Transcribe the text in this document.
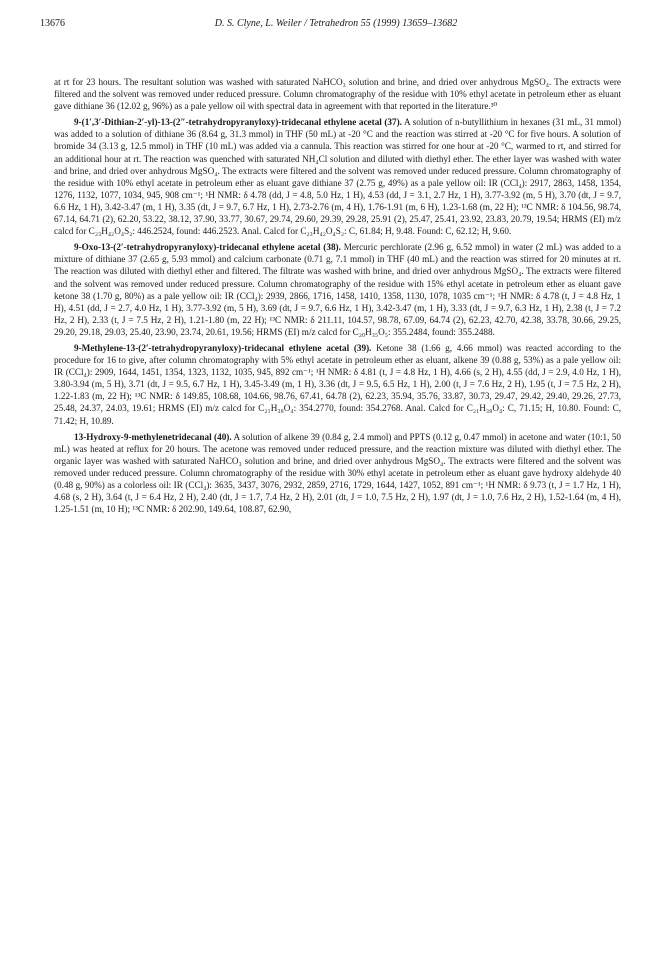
13676	D. S. Clyne, L. Weiler / Tetrahedron 55 (1999) 13659–13682

at rt for 23 hours. The resultant solution was washed with saturated NaHCO₃ solution and brine, and dried over anhydrous MgSO₄. The extracts were filtered and the solvent was removed under reduced pressure. Column chromatography of the residue with 10% ethyl acetate in petroleum ether as eluant gave dithiane 36 (12.02 g, 96%) as a pale yellow oil with spectral data in agreement with that reported in the literature.³⁰

9-(1′,3′-Dithian-2′-yl)-13-(2″-tetrahydropyranyloxy)-tridecanal ethylene acetal (37). A solution of n-butyllithium in hexanes (31 mL, 31 mmol) was added to a solution of dithiane 36 (8.64 g, 31.3 mmol) in THF (50 mL) at -20 °C and the reaction was stirred at -20 °C for five hours. A solution of bromide 34 (3.13 g, 12.5 mmol) in THF (10 mL) was added via a cannula. This reaction was stirred for one hour at -20 °C, warmed to rt, and stirred for an additional hour at rt. The reaction was quenched with saturated NH₄Cl solution and diluted with diethyl ether. The ether layer was washed with water and brine, and dried over anhydrous MgSO₄. The extracts were filtered and the solvent was removed under reduced pressure. Column chromatography of the residue with 10% ethyl acetate in petroleum ether as eluant gave dithiane 37 (2.75 g, 49%) as a pale yellow oil: IR (CCl₄): 2917, 2863, 1458, 1354, 1276, 1132, 1077, 1034, 945, 908 cm⁻¹; ¹H NMR: δ 4.78 (dd, J = 4.8, 5.0 Hz, 1 H), 4.53 (dd, J = 3.1, 2.7 Hz, 1 H), 3.77-3.92 (m, 5 H), 3.70 (dt, J = 9.7, 6.6 Hz, 1 H), 3.42-3.47 (m, 1 H), 3.35 (dt, J = 9.7, 6.7 Hz, 1 H), 2.73-2.76 (m, 4 H), 1.76-1.91 (m, 6 H), 1.23-1.68 (m, 22 H); ¹³C NMR: δ 104.56, 98.74, 67.14, 64.71 (2), 62.20, 53.22, 38.12, 37.90, 33.77, 30.67, 29.74, 29.60, 29.39, 29.28, 25.91 (2), 25.47, 25.41, 23.92, 23.83, 20.79, 19.54; HRMS (EI) m/z calcd for C₂₃H₄₂O₄S₂: 446.2524, found: 446.2523. Anal. Calcd for C₂₃H₄₂O₄S₂: C, 61.84; H, 9.48. Found: C, 62.12; H, 9.60.

9-Oxo-13-(2′-tetrahydropyranyloxy)-tridecanal ethylene acetal (38). Mercuric perchlorate (2.96 g, 6.52 mmol) in water (2 mL) was added to a mixture of dithiane 37 (2.65 g, 5.93 mmol) and calcium carbonate (0.71 g, 7.1 mmol) in THF (40 mL) and the reaction was stirred for 20 minutes at rt. The reaction was diluted with diethyl ether and filtered. The filtrate was washed with brine, and dried over anhydrous MgSO₄. The extracts were filtered and the solvent was removed under reduced pressure. Column chromatography of the residue with 15% ethyl acetate in petroleum ether as eluant gave ketone 38 (1.70 g, 80%) as a pale yellow oil: IR (CCl₄): 2939, 2866, 1716, 1458, 1410, 1358, 1130, 1078, 1035 cm⁻¹; ¹H NMR: δ 4.78 (t, J = 4.8 Hz, 1 H), 4.51 (dd, J = 2.7, 4.0 Hz, 1 H), 3.77-3.92 (m, 5 H), 3.69 (dt, J = 9.7, 6.6 Hz, 1 H), 3.42-3.47 (m, 1 H), 3.33 (dt, J = 9.7, 6.3 Hz, 1 H), 2.38 (t, J = 7.2 Hz, 2 H), 2.33 (t, J = 7.5 Hz, 2 H), 1.21-1.80 (m, 22 H); ¹³C NMR: δ 211.11, 104.57, 98.78, 67.09, 64.74 (2), 62.23, 42.70, 42.38, 33.78, 30.66, 29.25, 29.20, 29.18, 29.03, 25.40, 23.90, 23.74, 20.61, 19.56; HRMS (EI) m/z calcd for C₂₀H₃₅O₅: 355.2484, found: 355.2488.

9-Methylene-13-(2′-tetrahydropyranyloxy)-tridecanal ethylene acetal (39). Ketone 38 (1.66 g, 4.66 mmol) was reacted according to the procedure for 16 to give, after column chromatography with 5% ethyl acetate in petroleum ether as eluant, alkene 39 (0.88 g, 53%) as a pale yellow oil: IR (CCl₄): 2909, 1644, 1451, 1354, 1323, 1132, 1035, 945, 892 cm⁻¹; ¹H NMR: δ 4.81 (t, J = 4.8 Hz, 1 H), 4.66 (s, 2 H), 4.55 (dd, J = 2.9, 4.0 Hz, 1 H), 3.80-3.94 (m, 5 H), 3.71 (dt, J = 9.5, 6.7 Hz, 1 H), 3.45-3.49 (m, 1 H), 3.36 (dt, J = 9.5, 6.5 Hz, 1 H), 2.00 (t, J = 7.6 Hz, 2 H), 1.95 (t, J = 7.5 Hz, 2 H), 1.22-1.83 (m, 22 H); ¹³C NMR: δ 149.85, 108.68, 104.66, 98.76, 67.41, 64.78 (2), 62.23, 35.94, 35.76, 33.87, 30.73, 29.47, 29.42, 29.40, 29.26, 27.73, 25.48, 24.37, 24.03, 19.61; HRMS (EI) m/z calcd for C₂₁H₃₈O₄: 354.2770, found: 354.2768. Anal. Calcd for C₂₁H₃₈O₄: C, 71.15; H, 10.80. Found: C, 71.42; H, 10.89.

13-Hydroxy-9-methylenetridecanal (40). A solution of alkene 39 (0.84 g, 2.4 mmol) and PPTS (0.12 g, 0.47 mmol) in acetone and water (10:1, 50 mL) was heated at reflux for 20 hours. The acetone was removed under reduced pressure, and the reaction mixture was diluted with diethyl ether. The organic layer was washed with saturated NaHCO₃ solution and brine, and dried over anhydrous MgSO₄. The extracts were filtered and the solvent was removed under reduced pressure. Column chromatography of the residue with 30% ethyl acetate in petroleum ether as eluant gave hydroxy aldehyde 40 (0.48 g, 90%) as a colorless oil: IR (CCl₄): 3635, 3437, 3076, 2932, 2859, 2716, 1729, 1644, 1427, 1052, 891 cm⁻¹; ¹H NMR: δ 9.73 (t, J = 1.7 Hz, 1 H), 4.68 (s, 2 H), 3.64 (t, J = 6.4 Hz, 2 H), 2.40 (dt, J = 1.7, 7.4 Hz, 2 H), 2.01 (dt, J = 1.0, 7.5 Hz, 2 H), 1.97 (dt, J = 1.0, 7.6 Hz, 2 H), 1.52-1.64 (m, 4 H), 1.25-1.51 (m, 10 H); ¹³C NMR: δ 202.90, 149.64, 108.87, 62.90,
